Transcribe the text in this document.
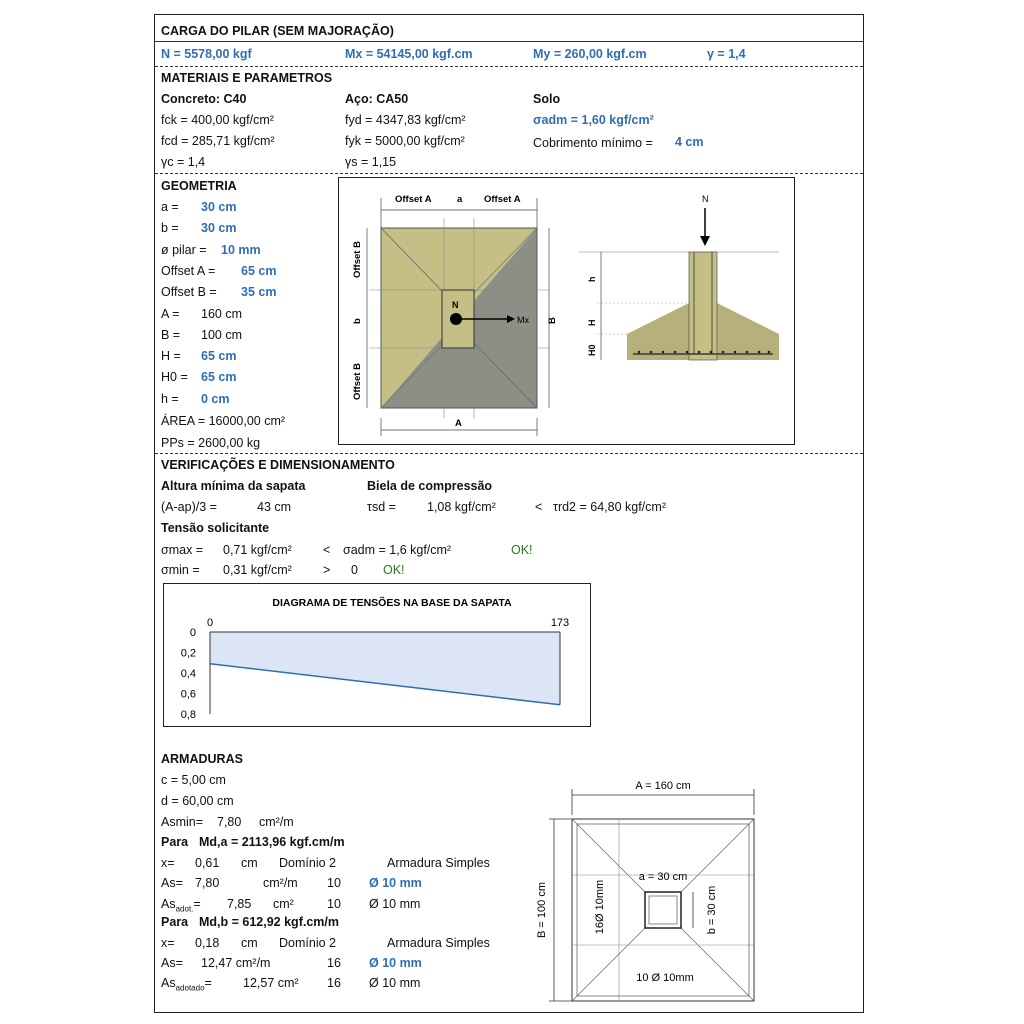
CARGA DO PILAR (SEM MAJORAÇÃO)
N = 5578,00 kgf	Mx = 54145,00 kgf.cm	My = 260,00 kgf.cm	γ = 1,4
MATERIAIS E PARAMETROS
Concreto: C40
fck = 400,00 kgf/cm²
fcd = 285,71 kgf/cm²
γc = 1,4
Aço: CA50
fyd = 4347,83 kgf/cm²
fyk = 5000,00 kgf/cm²
γs = 1,15
Solo
σadm = 1,60 kgf/cm²
Cobrimento mínimo = 4 cm
GEOMETRIA
ÁREA = 16000,00 cm²
PPs = 2600,00 kg
N
Mx
Offset A	a Offset A
Offset B
b
Offset B
B
A
N
h
H
H0
VERIFICAÇÕES E DIMENSIONAMENTO
Altura mínima da sapata
(A-ap)/3 =	43 cm
Biela de compressão
τsd = 1,08 kgf/cm²	< τrd2 = 64,80 kgf/cm²
Tensão solicitante
σmax = 0,71 kgf/cm² < σadm = 1,6 kgf/cm²	OK!
σmin = 0,31 kgf/cm² > 0 OK!
DIAGRAMA DE TENSÕES NA BASE DA SAPATA
0
0,2
0,4
0,6
0,8
0	173
ARMADURAS
c = 5,00 cm
d = 60,00 cm
Asmin= 7,80 cm²/m
Para Md,a = 2113,96 kgf.cm/m
x= 0,61 cm Domínio 2	Armadura Simples
As= 7,80	cm²/m 10 Ø 10 mm
$As_{adot.}= 7,85$ cm²	10 Ø 10 mm
Para Md,b = 612,92 kgf.cm/m
x= 0,18 cm Domínio 2	Armadura Simples
As= 12,47 cm²/m	16 Ø 10 mm
$As_{adotado}= 12,57$ cm² 16 Ø 10 mm
A = 160 cm
B = 100 cm
a = 30 cm
b = 30 cm
16Ø 10mm
10 Ø 10mm
a = 30 cm
b = 30 cm
ø pilar = 10 mm
Offset A = 65 cm
Offset B = 35 cm
A = 160 cm
B = 100 cm
H = 65 cm
H0 = 65 cm
h = 0 cm
